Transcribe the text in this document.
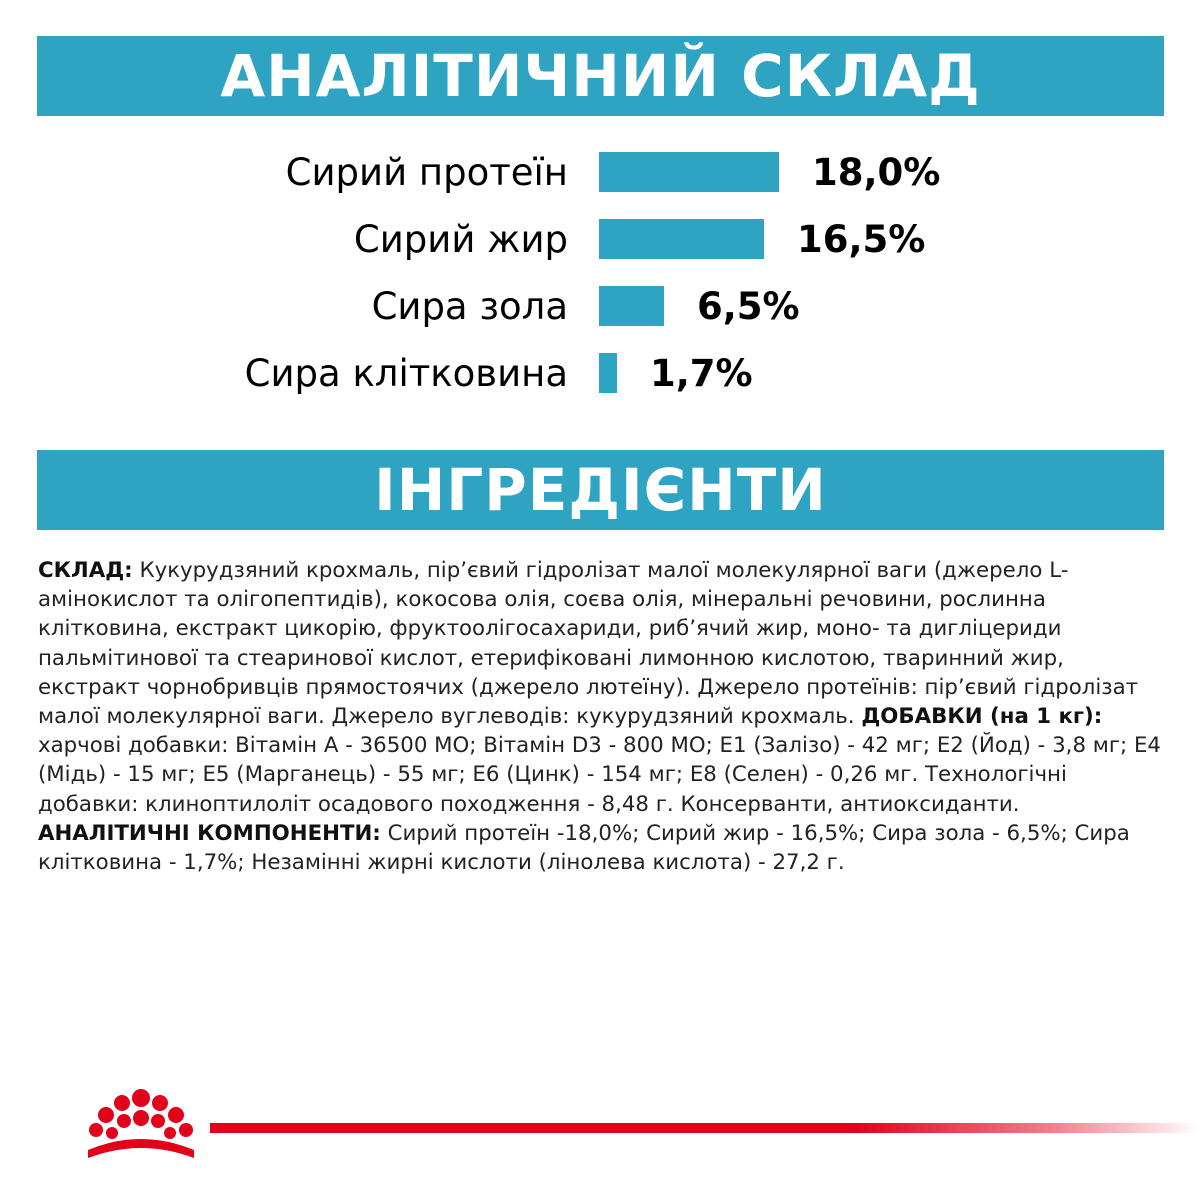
АНАЛІТИЧНИЙ СКЛАД
Сирий протеїн	18,0%
Сирий жир	16,5%
Сира зола	6,5%
Сира клітковина 1,7%
ІНГРЕДІЄНТИ
СКЛАД: Кукурудзяний крохмаль, пір’євий гідролізат малої молекулярної ваги (джерело L-амінокислот та олігопептидів), кокосова олія, соєва олія, мінеральні речовини, рослинна клітковина, екстракт цикорію, фруктоолігосахариди, риб’ячий жир, моно- та дигліцериди пальмітинової та стеаринової кислот, етерифіковані лимонною кислотою, тваринний жир, екстракт чорнобривців прямостоячих (джерело лютеїну). Джерело протеїнів: пір’євий гідролізат малої молекулярної ваги. Джерело вуглеводів: кукурудзяний крохмаль. ДОБАВКИ (на 1 кг): харчові добавки: Вітамін А - 36500 МО; Вітамін D3 - 800 МО; Е1 (Залізо) - 42 мг; Е2 (Йод) - 3,8 мг; Е4 (Мідь) - 15 мг; Е5 (Марганець) - 55 мг; Е6 (Цинк) - 154 мг; Е8 (Селен) - 0,26 мг. Технологічні добавки: клиноптилоліт осадового походження - 8,48 г. Консерванти, антиоксиданти. АНАЛІТИЧНІ КОМПОНЕНТИ: Сирий протеїн -18,0%; Сирий жир - 16,5%; Сира зола - 6,5%; Сира клітковина - 1,7%; Незамінні жирні кислоти (лінолева кислота) - 27,2 г.
